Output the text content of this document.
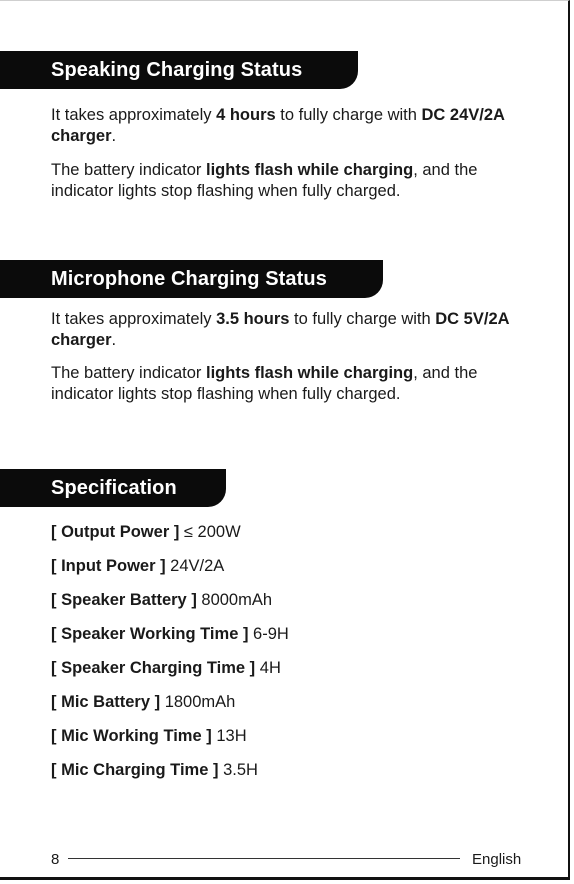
Speaking Charging Status

It takes approximately 4 hours to fully charge with DC 24V/2A charger.

The battery indicator lights flash while charging, and the indicator lights stop flashing when fully charged.

Microphone Charging Status

It takes approximately 3.5 hours to fully charge with DC 5V/2A charger.

The battery indicator lights flash while charging, and the indicator lights stop flashing when fully charged.

Specification
[ Output Power ] ≤ 200W
[ Input Power ] 24V/2A
[ Speaker Battery ] 8000mAh
[ Speaker Working Time ] 6-9H
[ Speaker Charging Time ] 4H
[ Mic Battery ] 1800mAh
[ Mic Working Time ] 13H
[ Mic Charging Time ] 3.5H
8	English
